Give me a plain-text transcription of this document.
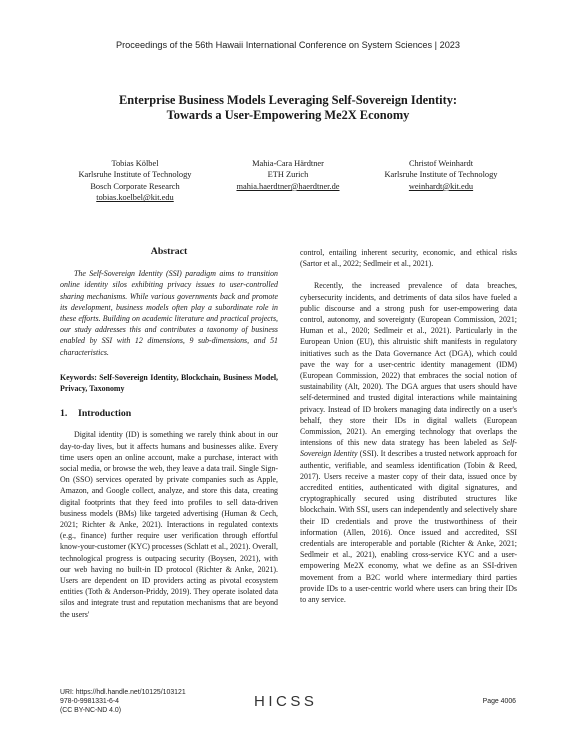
Proceedings of the 56th Hawaii International Conference on System Sciences | 2023
Enterprise Business Models Leveraging Self-Sovereign Identity:
Towards a User-Empowering Me2X Economy
Tobias Kölbel
Karlsruhe Institute of Technology
Bosch Corporate Research
tobias.koelbel@kit.edu
Mahia-Cara Härdtner
ETH Zurich
mahia.haerdtner@haerdtner.de
Christof Weinhardt
Karlsruhe Institute of Technology
weinhardt@kit.edu
Abstract

The Self-Sovereign Identity (SSI) paradigm aims to transition online identity silos exhibiting privacy issues to user-controlled sharing mechanisms. While various governments back and promote its development, business models often play a subordinate role in these efforts. Building on academic literature and practical projects, our study addresses this and contributes a taxonomy of business enabled by SSI with 12 dimensions, 9 sub-dimensions, and 51 characteristics.

Keywords: Self-Sovereign Identity, Blockchain, Business Model, Privacy, Taxonomy

1. Introduction

Digital identity (ID) is something we rarely think about in our day-to-day lives, but it affects humans and businesses alike. Every time users open an online account, make a purchase, interact with social media, or browse the web, they leave a data trail. Single Sign-On (SSO) services operated by private companies such as Apple, Amazon, and Google collect, analyze, and store this data, creating digital footprints that they feed into profiles to sell data-driven business models (BMs) like targeted advertising (Human & Cech, 2021; Richter & Anke, 2021). Interactions in regulated contexts (e.g., finance) further require user verification through effortful know-your-customer (KYC) processes (Schlatt et al., 2021). Overall, technological progress is outpacing security (Boysen, 2021), with our web having no built-in ID protocol (Richter & Anke, 2021). Users are dependent on ID providers acting as pivotal ecosystem entities (Toth & Anderson-Priddy, 2019). They operate isolated data silos and integrate trust and reputation mechanisms that are beyond the users'

control, entailing inherent security, economic, and ethical risks (Sartor et al., 2022; Sedlmeir et al., 2021).

Recently, the increased prevalence of data breaches, cybersecurity incidents, and detriments of data silos have fueled a public discourse and a strong push for user-empowering data control, autonomy, and sovereignty (European Commission, 2021; Human et al., 2020; Sedlmeir et al., 2021). Particularly in the European Union (EU), this altruistic shift manifests in regulatory initiatives such as the Data Governance Act (DGA), which could pave the way for a user-centric identity management (IDM) (European Commission, 2022) that embraces the social notion of sustainability (Alt, 2020). The DGA argues that users should have self-determined and trusted digital interactions while maintaining privacy. Instead of ID brokers managing data indirectly on a user's behalf, they store their IDs in digital wallets (European Commission, 2021). An emerging technology that overlaps the intensions of this new data strategy has been labeled as Self-Sovereign Identity (SSI). It describes a trusted network approach for authentic, verifiable, and seamless identification (Tobin & Reed, 2017). Users receive a master copy of their data, issued once by accredited entities, authenticated with digital signatures, and cryptographically secured using distributed structures like blockchain. With SSI, users can independently and selectively share their ID credentials and prove the trustworthiness of their information (Allen, 2016). Once issued and accredited, SSI credentials are interoperable and portable (Richter & Anke, 2021; Sedlmeir et al., 2021), enabling cross-service KYC and a user-empowering Me2X economy, what we define as an SSI-driven movement from a B2C world where intermediary third parties provide IDs to a user-centric world where users can bring their IDs to any service.

URI: https://hdl.handle.net/10125/103121
978-0-9981331-6-4
(CC BY-NC-ND 4.0)
HICSS	Page 4006
